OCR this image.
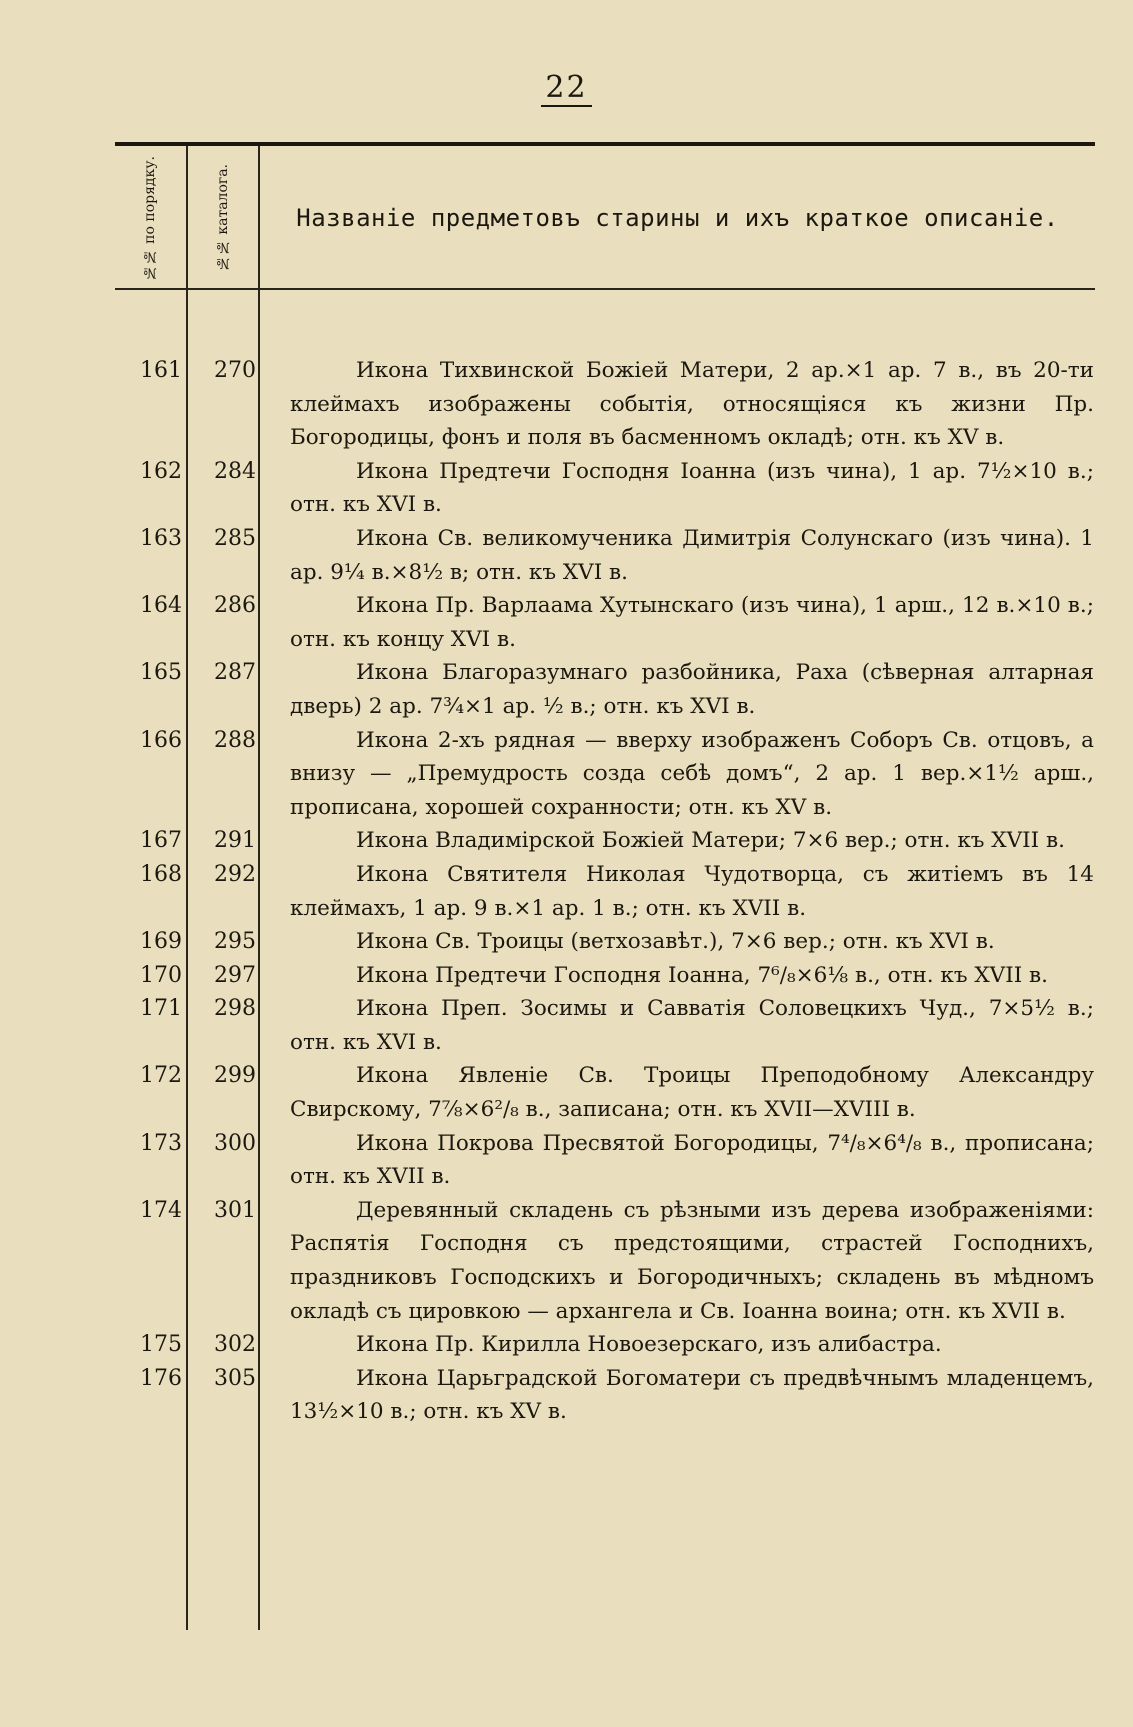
22
№№ по порядку.	№№ каталога.	Названіе предметовъ старины и ихъ краткое описаніе.
161	270	Икона Тихвинской Божіей Матери, 2 ар.×1 ар. 7 в., въ 20-ти клеймахъ изображены событія, относящіяся къ жизни Пр. Богородицы, фонъ и поля въ басменномъ окладѣ; отн. къ XV в.
162	284	Икона Предтечи Господня Іоанна (изъ чина), 1 ар. 7½×10 в.; отн. къ XVI в.
163	285	Икона Св. великомученика Димитрія Солунскаго (изъ чина). 1 ар. 9¼ в.×8½ в; отн. къ XVI в.
164	286	Икона Пр. Варлаама Хутынскаго (изъ чина), 1 арш., 12 в.×10 в.; отн. къ концу XVI в.
165	287	Икона Благоразумнаго разбойника, Раха (сѣверная алтарная дверь) 2 ар. 7¾×1 ар. ½ в.; отн. къ XVI в.
166	288	Икона 2-хъ рядная — вверху изображенъ Соборъ Св. отцовъ, а внизу — „Премудрость созда себѣ домъ“, 2 ар. 1 вер.×1½ арш., прописана, хорошей сохранности; отн. къ XV в.
167	291	Икона Владимірской Божіей Матери; 7×6 вер.; отн. къ XVII в.
168	292	Икона Святителя Николая Чудотворца, съ житіемъ въ 14 клеймахъ, 1 ар. 9 в.×1 ар. 1 в.; отн. къ XVII в.
169	295	Икона Св. Троицы (ветхозавѣт.), 7×6 вер.; отн. къ XVI в.
170	297	Икона Предтечи Господня Іоанна, 7⁶/₈×6⅛ в., отн. къ XVII в.
171	298	Икона Преп. Зосимы и Савватія Соловецкихъ Чуд., 7×5½ в.; отн. къ XVI в.
172	299	Икона Явленіе Св. Троицы Преподобному Александру Свирскому, 7⅞×6²/₈ в., записана; отн. къ XVII—XVIII в.
173	300	Икона Покрова Пресвятой Богородицы, 7⁴/₈×6⁴/₈ в., прописана; отн. къ XVII в.
174	301	Деревянный складень съ рѣзными изъ дерева изображеніями: Распятія Господня съ предстоящими, страстей Господнихъ, праздниковъ Господскихъ и Богородичныхъ; складень въ мѣдномъ окладѣ съ цировкою — архангела и Св. Іоанна воина; отн. къ XVII в.
175	302	Икона Пр. Кирилла Новоезерскаго, изъ алибастра.
176	305	Икона Царьградской Богоматери съ предвѣчнымъ младенцемъ, 13½×10 в.; отн. къ XV в.
